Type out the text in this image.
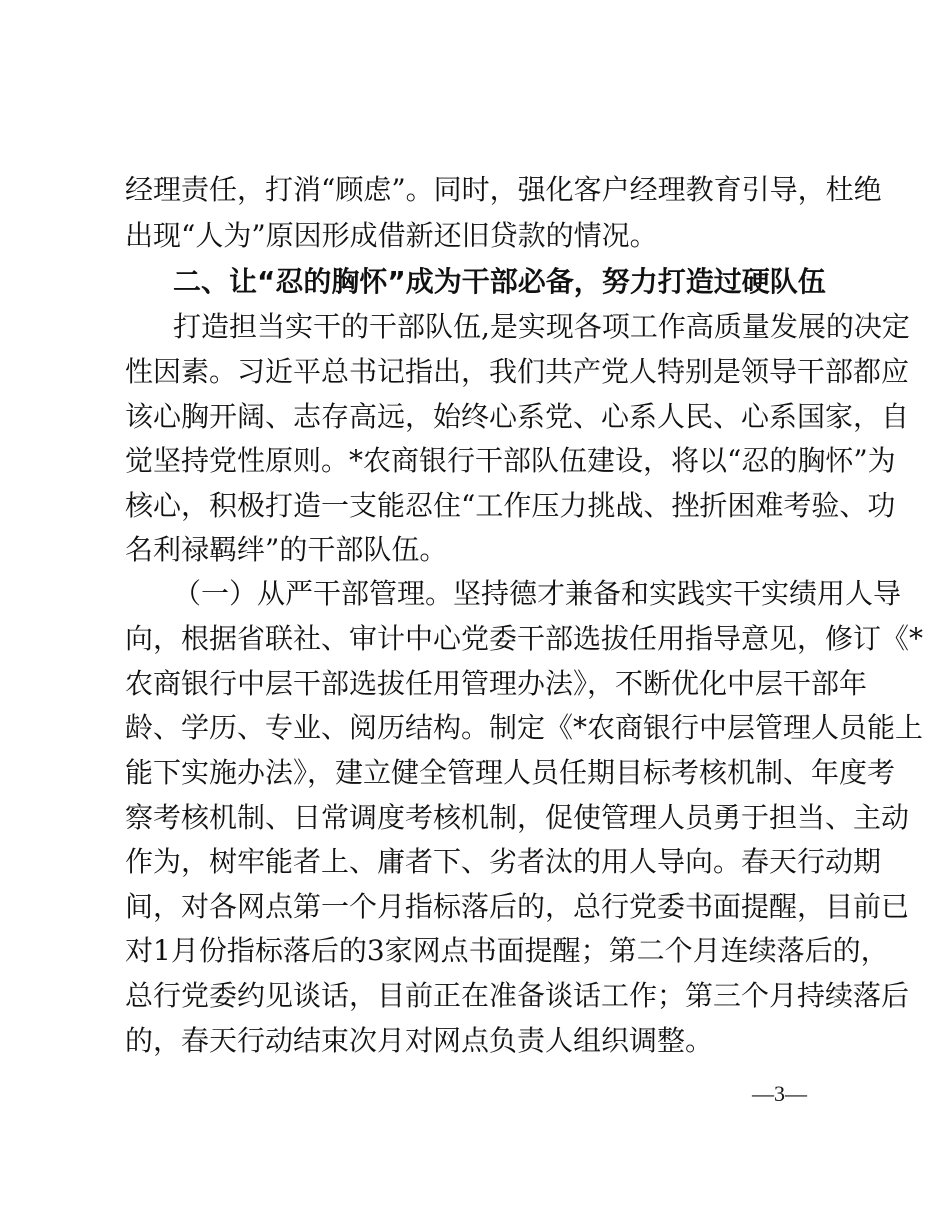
经理责任，打消“顾虑”。同时，强化客户经理教育引导，杜绝
出现“人为”原因形成借新还旧贷款的情况。
二、让“忍的胸怀”成为干部必备，努力打造过硬队伍
打造担当实干的干部队伍,是实现各项工作高质量发展的决定
性因素。习近平总书记指出，我们共产党人特别是领导干部都应
该心胸开阔、志存高远，始终心系党、心系人民、心系国家，自
觉坚持党性原则。*农商银行干部队伍建设，将以“忍的胸怀”为
核心，积极打造一支能忍住“工作压力挑战、挫折困难考验、功
名利禄羁绊”的干部队伍。
（一）从严干部管理。坚持德才兼备和实践实干实绩用人导
向，根据省联社、审计中心党委干部选拔任用指导意见，修订《*
农商银行中层干部选拔任用管理办法》，不断优化中层干部年
龄、学历、专业、阅历结构。制定《*农商银行中层管理人员能上
能下实施办法》，建立健全管理人员任期目标考核机制、年度考
察考核机制、日常调度考核机制，促使管理人员勇于担当、主动
作为，树牢能者上、庸者下、劣者汰的用人导向。春天行动期
间，对各网点第一个月指标落后的，总行党委书面提醒，目前已
对1月份指标落后的3家网点书面提醒；第二个月连续落后的，
总行党委约见谈话，目前正在准备谈话工作；第三个月持续落后
的，春天行动结束次月对网点负责人组织调整。
—3—
